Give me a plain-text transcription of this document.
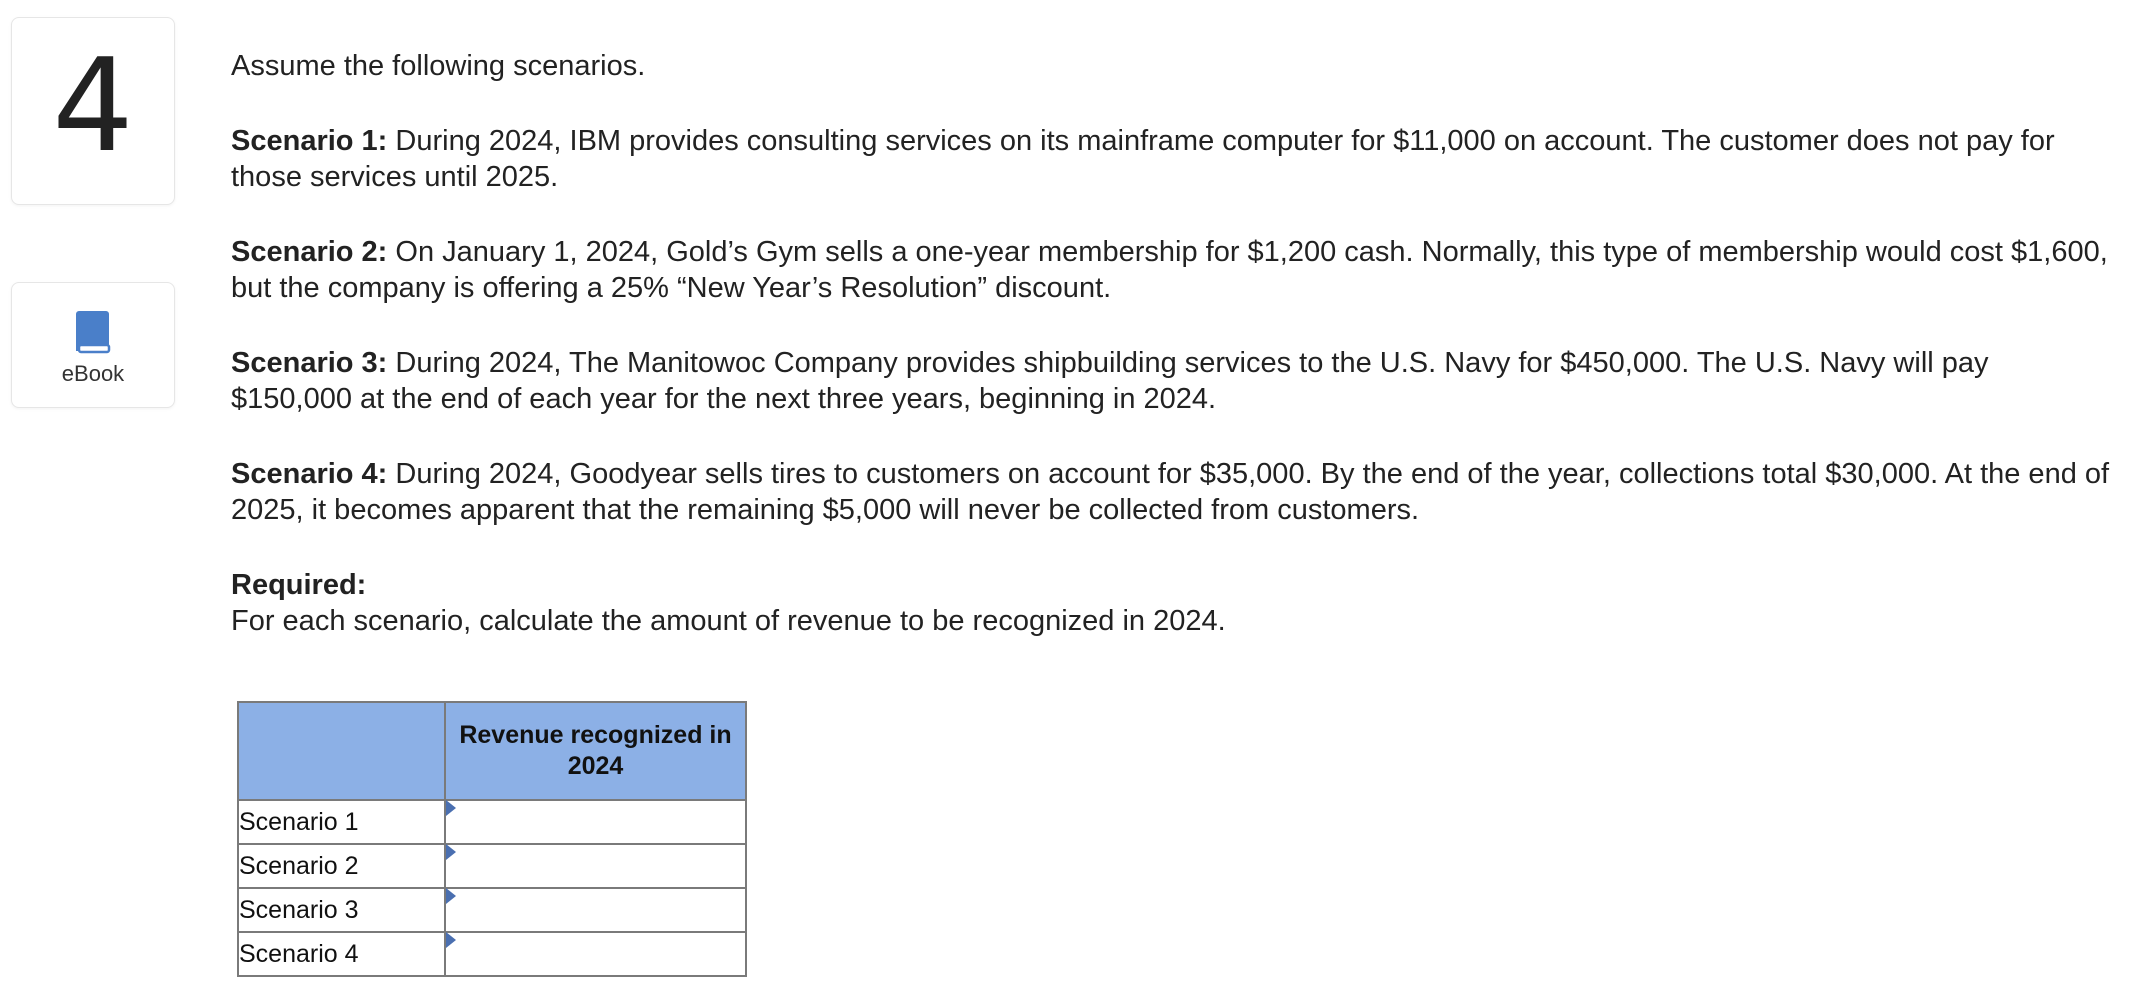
4
eBook

Assume the following scenarios.

Scenario 1: During 2024, IBM provides consulting services on its mainframe computer for $11,000 on account. The customer does not pay for those services until 2025.

Scenario 2: On January 1, 2024, Gold’s Gym sells a one-year membership for $1,200 cash. Normally, this type of membership would cost $1,600, but the company is offering a 25% “New Year’s Resolution” discount.

Scenario 3: During 2024, The Manitowoc Company provides shipbuilding services to the U.S. Navy for $450,000. The U.S. Navy will pay $150,000 at the end of each year for the next three years, beginning in 2024.

Scenario 4: During 2024, Goodyear sells tires to customers on account for $35,000. By the end of the year, collections total $30,000. At the end of 2025, it becomes apparent that the remaining $5,000 will never be collected from customers.

Required:
For each scenario, calculate the amount of revenue to be recognized in 2024.
	Revenue recognized in 2024
Scenario 1	

Scenario 2	

Scenario 3	

Scenario 4	
